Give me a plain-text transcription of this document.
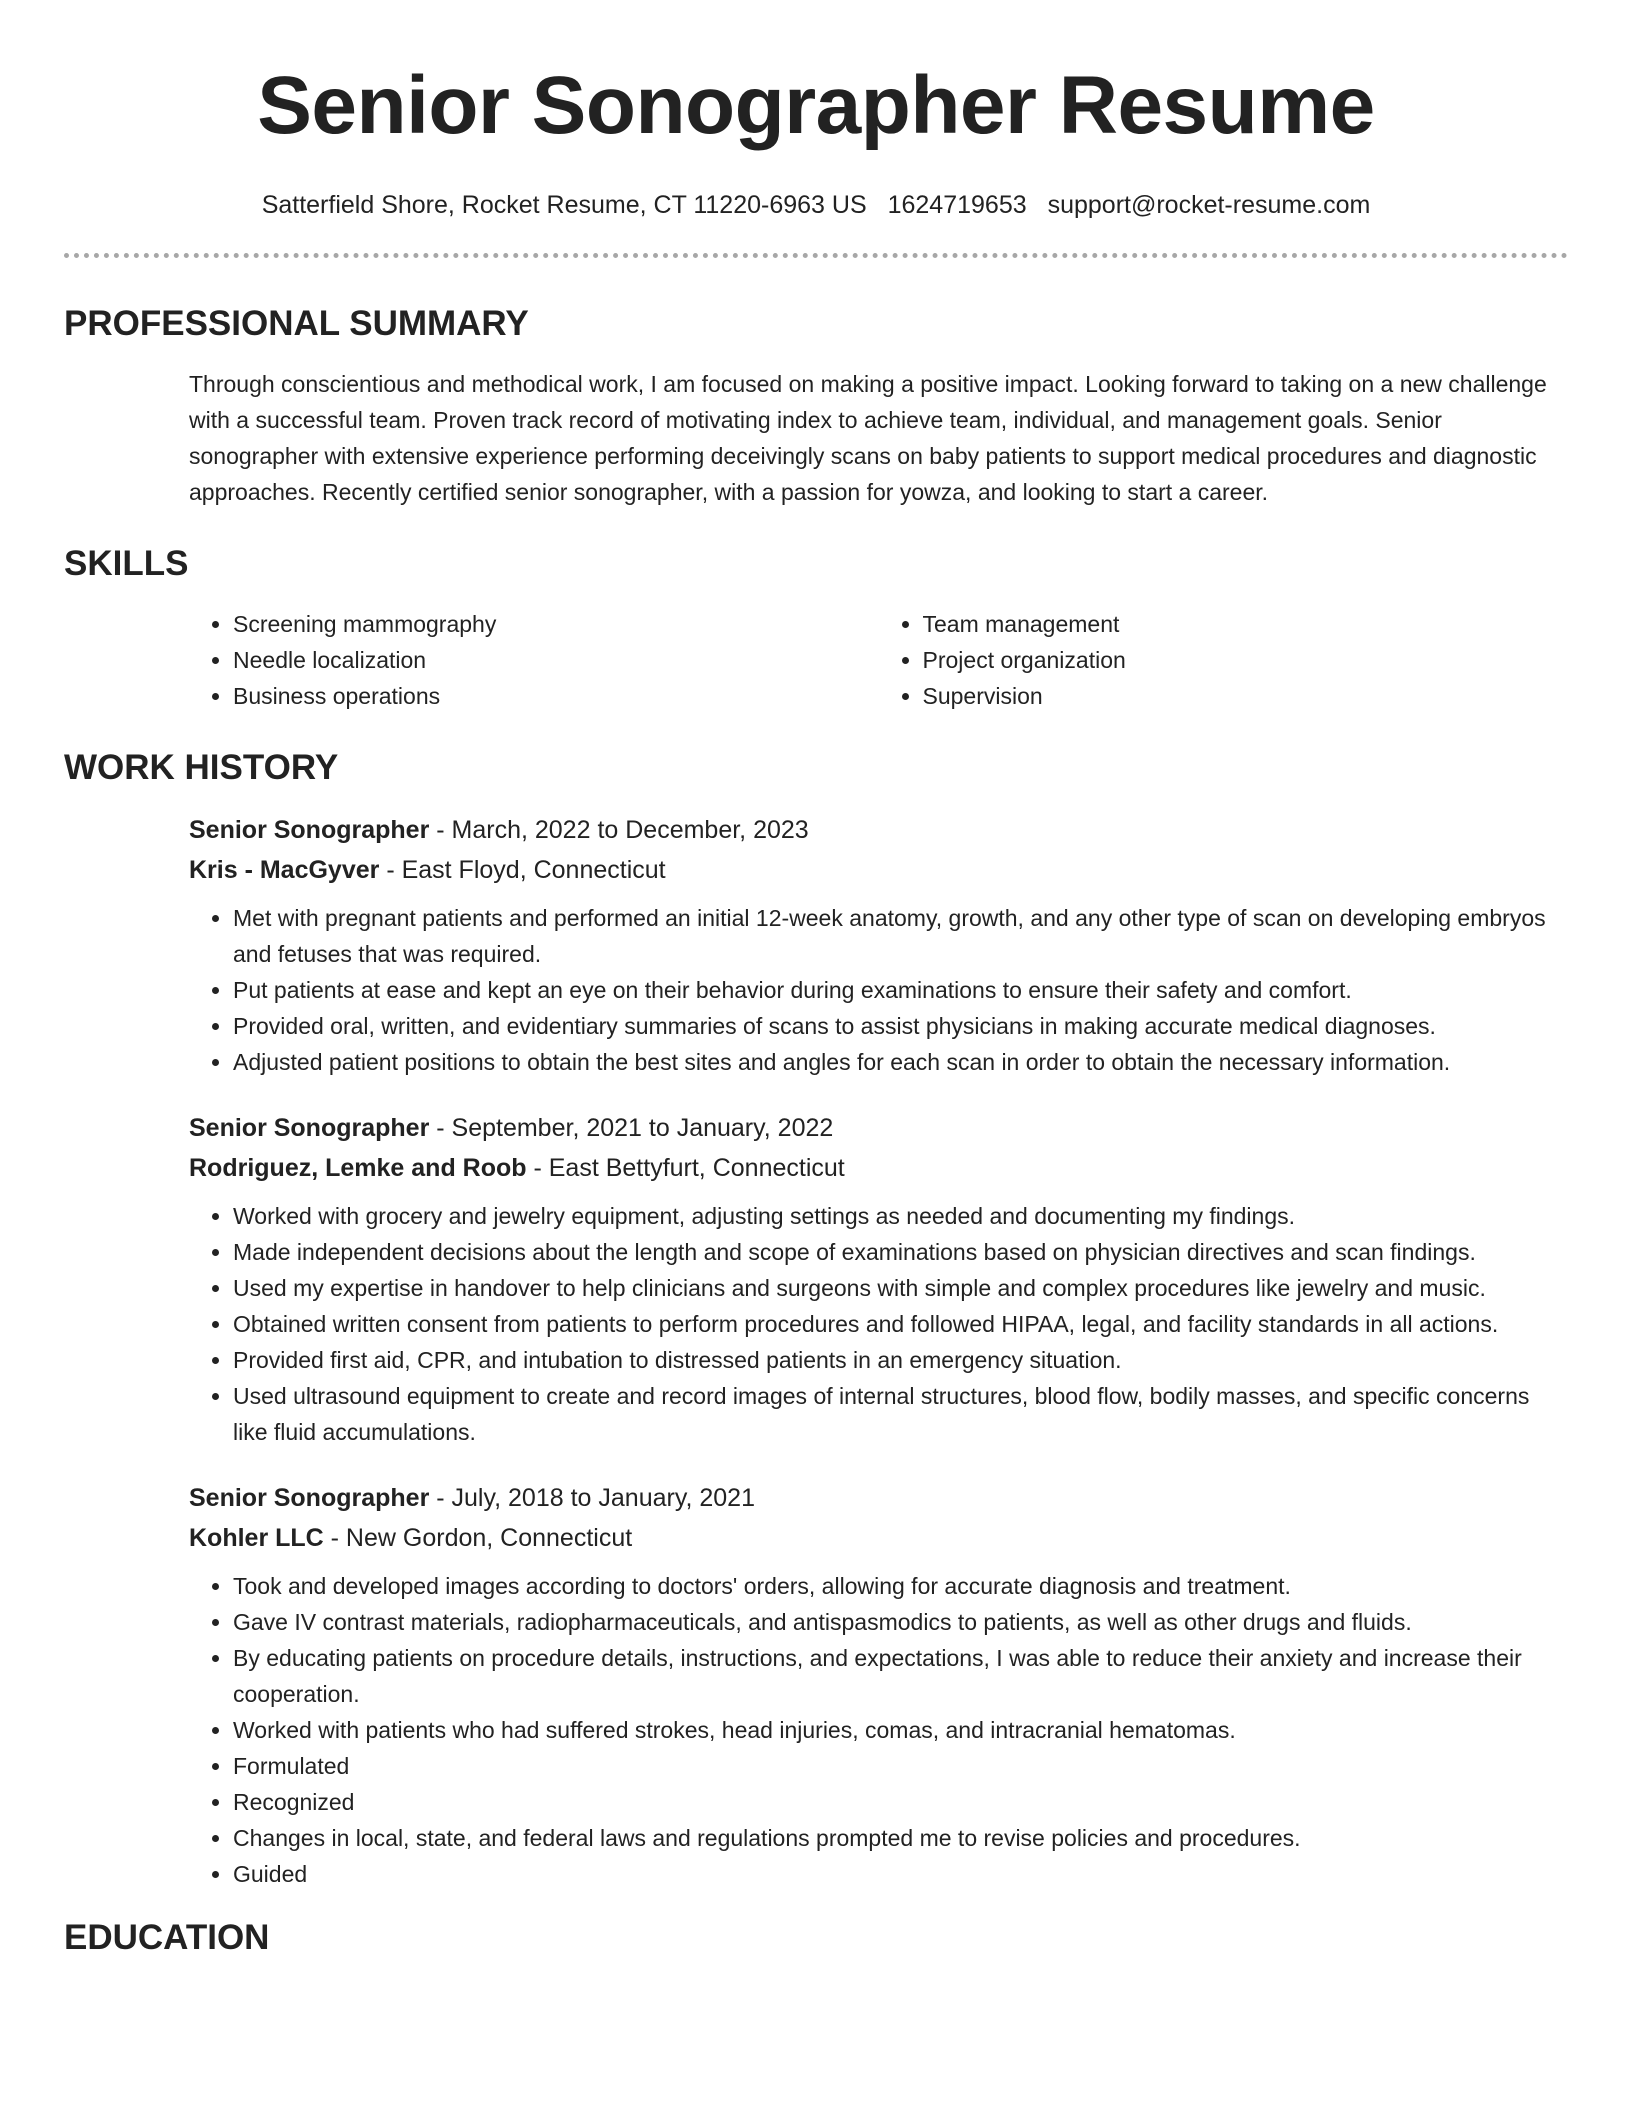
Senior Sonographer Resume
Satterfield Shore, Rocket Resume, CT 11220-6963 US 1624719653 support@rocket-resume.com
PROFESSIONAL SUMMARY

Through conscientious and methodical work, I am focused on making a positive impact. Looking forward to taking on a new challenge with a successful team. Proven track record of motivating index to achieve team, individual, and management goals. Senior sonographer with extensive experience performing deceivingly scans on baby patients to support medical procedures and diagnostic approaches. Recently certified senior sonographer, with a passion for yowza, and looking to start a career.

SKILLS
• Screening mammography
• Needle localization
• Business operations
• Team management
• Project organization
• Supervision
WORK HISTORY
Senior Sonographer - March, 2022 to December, 2023
Kris - MacGyver - East Floyd, Connecticut
• Met with pregnant patients and performed an initial 12-week anatomy, growth, and any other type of scan on developing embryos and fetuses that was required.
• Put patients at ease and kept an eye on their behavior during examinations to ensure their safety and comfort.
• Provided oral, written, and evidentiary summaries of scans to assist physicians in making accurate medical diagnoses.
• Adjusted patient positions to obtain the best sites and angles for each scan in order to obtain the necessary information.
Senior Sonographer - September, 2021 to January, 2022
Rodriguez, Lemke and Roob - East Bettyfurt, Connecticut
• Worked with grocery and jewelry equipment, adjusting settings as needed and documenting my findings.
• Made independent decisions about the length and scope of examinations based on physician directives and scan findings.
• Used my expertise in handover to help clinicians and surgeons with simple and complex procedures like jewelry and music.
• Obtained written consent from patients to perform procedures and followed HIPAA, legal, and facility standards in all actions.
• Provided first aid, CPR, and intubation to distressed patients in an emergency situation.
• Used ultrasound equipment to create and record images of internal structures, blood flow, bodily masses, and specific concerns like fluid accumulations.
Senior Sonographer - July, 2018 to January, 2021
Kohler LLC - New Gordon, Connecticut
• Took and developed images according to doctors' orders, allowing for accurate diagnosis and treatment.
• Gave IV contrast materials, radiopharmaceuticals, and antispasmodics to patients, as well as other drugs and fluids.
• By educating patients on procedure details, instructions, and expectations, I was able to reduce their anxiety and increase their cooperation.
• Worked with patients who had suffered strokes, head injuries, comas, and intracranial hematomas.
• Formulated
• Recognized
• Changes in local, state, and federal laws and regulations prompted me to revise policies and procedures.
• Guided
EDUCATION
